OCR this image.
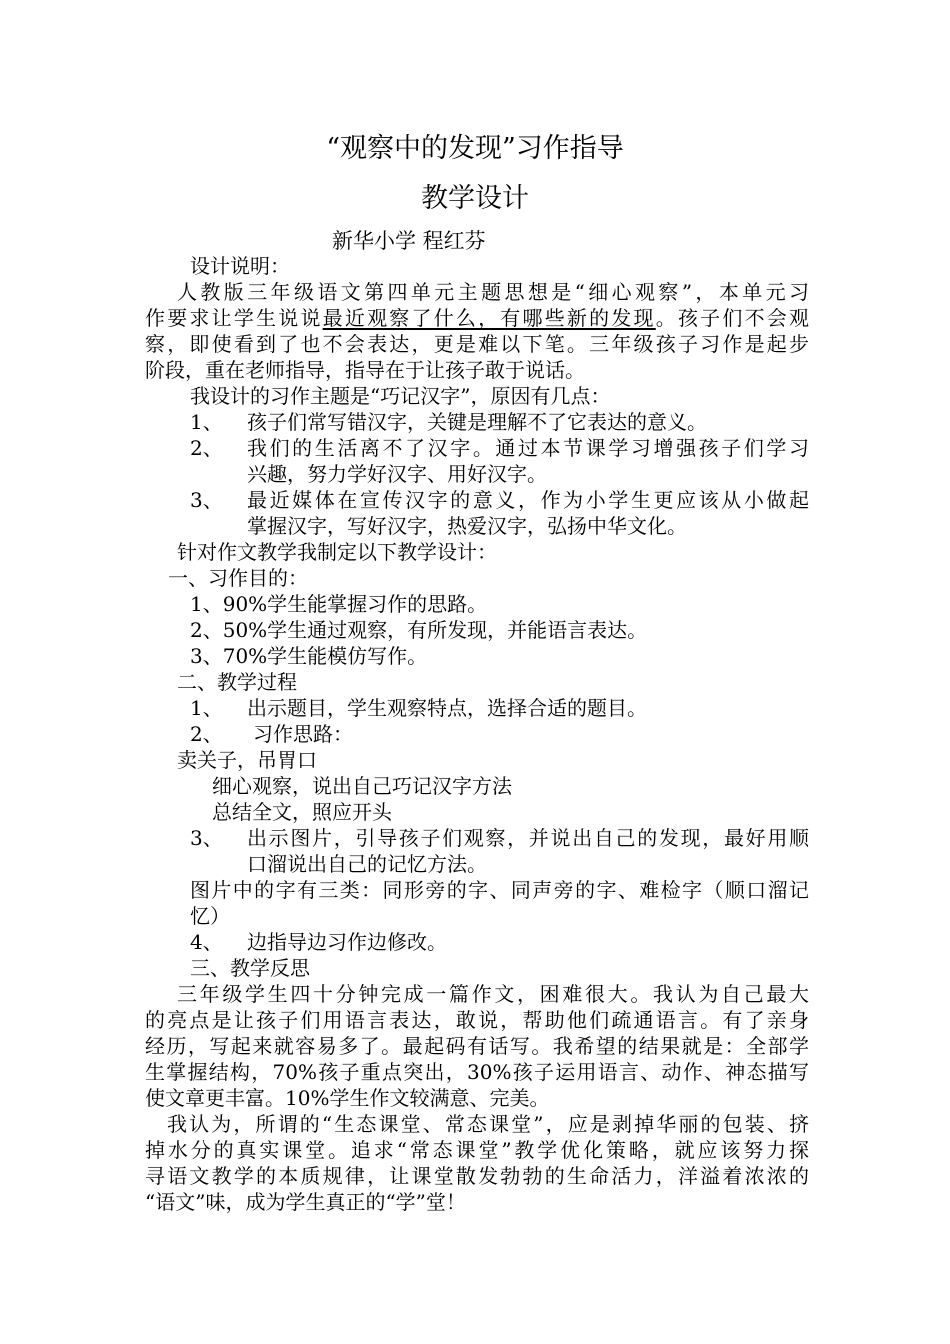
“观察中的发现”习作指导
教学设计
新华小学 程红芬
设计说明：
人教版三年级语文第四单元主题思想是“细心观察”，本单元习
作要求让学生说说最近观察了什么，有哪些新的发现。孩子们不会观
察，即使看到了也不会表达，更是难以下笔。三年级孩子习作是起步
阶段，重在老师指导，指导在于让孩子敢于说话。
我设计的习作主题是“巧记汉字”，原因有几点：
1、 孩子们常写错汉字，关键是理解不了它表达的意义。
2、 我们的生活离不了汉字。通过本节课学习增强孩子们学习
兴趣，努力学好汉字、用好汉字。
3、 最近媒体在宣传汉字的意义，作为小学生更应该从小做起
掌握汉字，写好汉字，热爱汉字，弘扬中华文化。
针对作文教学我制定以下教学设计：
一、习作目的：
1、90%学生能掌握习作的思路。
2、50%学生通过观察，有所发现，并能语言表达。
3、70%学生能模仿写作。
二、教学过程
1、 出示题目，学生观察特点，选择合适的题目。
2、 习作思路：
卖关子，吊胃口
细心观察，说出自己巧记汉字方法
总结全文，照应开头
3、 出示图片，引导孩子们观察，并说出自己的发现，最好用顺
口溜说出自己的记忆方法。
图片中的字有三类：同形旁的字、同声旁的字、难检字（顺口溜记
忆）
4、 边指导边习作边修改。
三、教学反思
三年级学生四十分钟完成一篇作文，困难很大。我认为自己最大
的亮点是让孩子们用语言表达，敢说，帮助他们疏通语言。有了亲身
经历，写起来就容易多了。最起码有话写。我希望的结果就是：全部学
生掌握结构，70%孩子重点突出，30%孩子运用语言、动作、神态描写
使文章更丰富。10%学生作文较满意、完美。
我认为，所谓的“生态课堂、常态课堂”，应是剥掉华丽的包装、挤
掉水分的真实课堂。追求“常态课堂”教学优化策略，就应该努力探
寻语文教学的本质规律，让课堂散发勃勃的生命活力，洋溢着浓浓的
“语文”味，成为学生真正的“学”堂！
